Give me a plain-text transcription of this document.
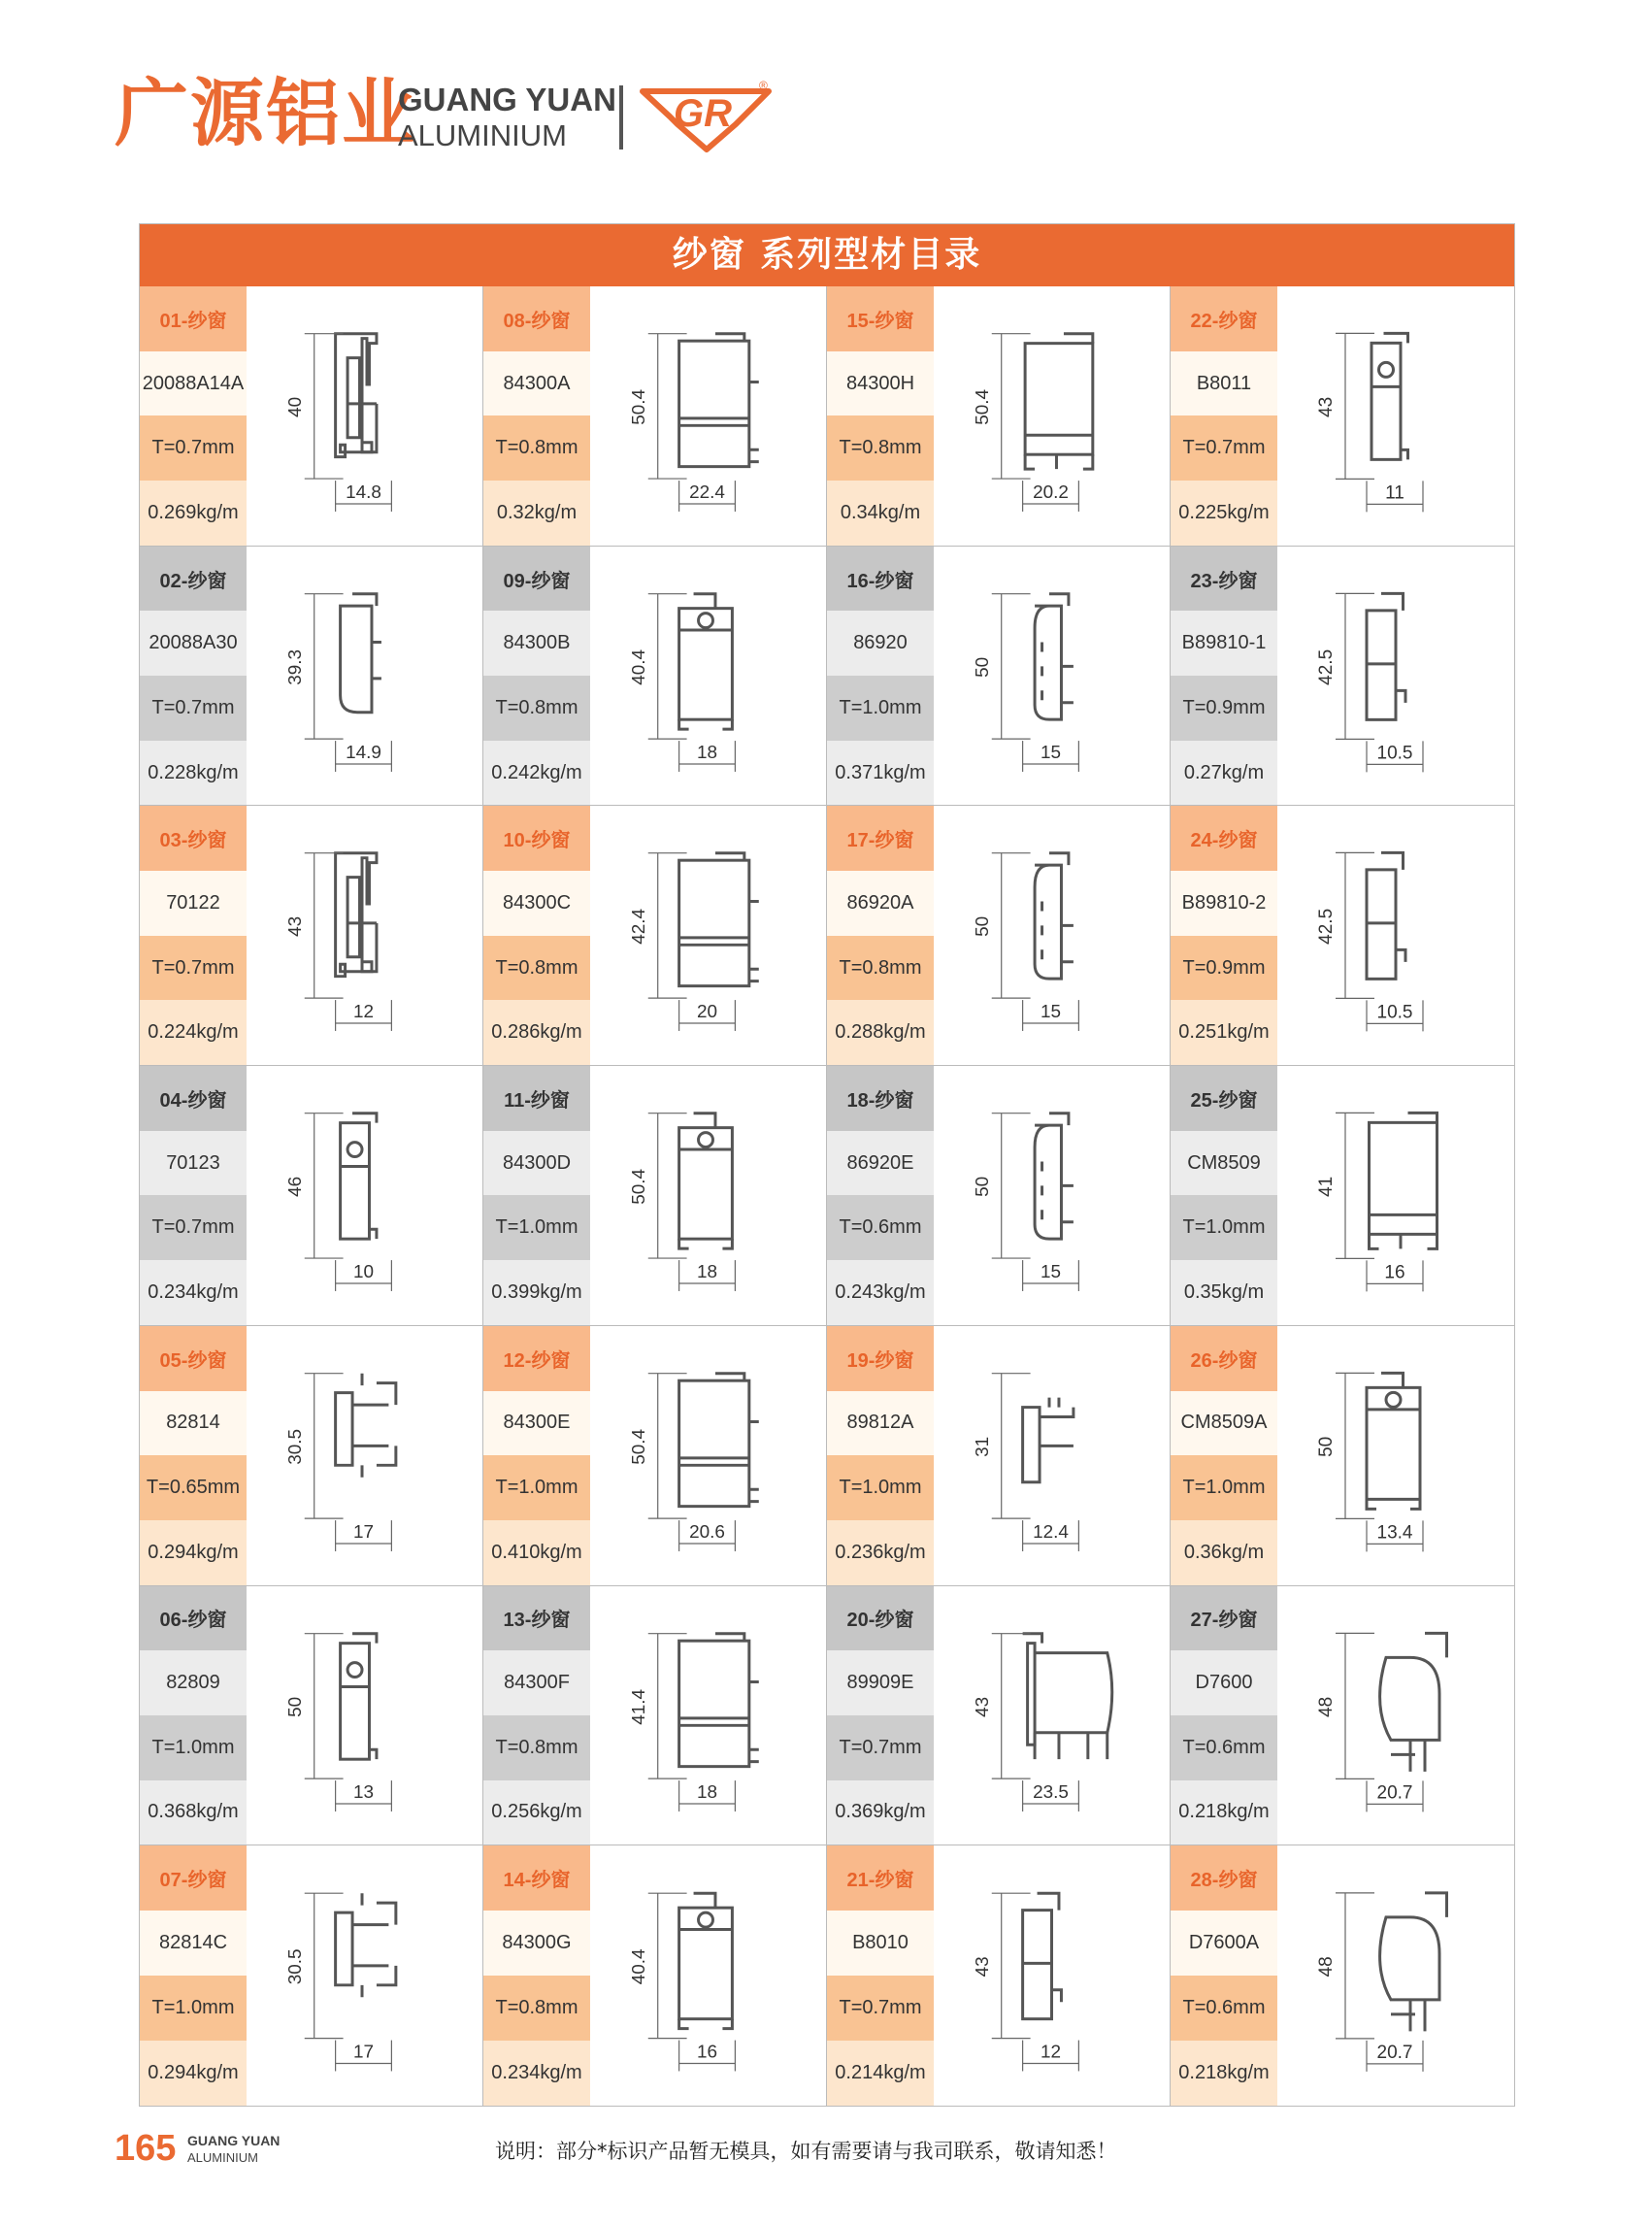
广源铝业
GUANG YUAN
ALUMINIUM
GR
®
纱窗 系列型材目录
01-纱窗
20088A14A
T=0.7mm
0.269kg/m
40
14.8
08-纱窗
84300A
T=0.8mm
0.32kg/m
50.4
22.4
15-纱窗
84300H
T=0.8mm
0.34kg/m
50.4
20.2
22-纱窗
B8011
T=0.7mm
0.225kg/m
43
11
02-纱窗
20088A30
T=0.7mm
0.228kg/m
39.3
14.9
09-纱窗
84300B
T=0.8mm
0.242kg/m
40.4
18
16-纱窗
86920
T=1.0mm
0.371kg/m
50
15
23-纱窗
B89810-1
T=0.9mm
0.27kg/m
42.5
10.5
03-纱窗
70122
T=0.7mm
0.224kg/m
43
12
10-纱窗
84300C
T=0.8mm
0.286kg/m
42.4
20
17-纱窗
86920A
T=0.8mm
0.288kg/m
50
15
24-纱窗
B89810-2
T=0.9mm
0.251kg/m
42.5
10.5
04-纱窗
70123
T=0.7mm
0.234kg/m
46
10
11-纱窗
84300D
T=1.0mm
0.399kg/m
50.4
18
18-纱窗
86920E
T=0.6mm
0.243kg/m
50
15
25-纱窗
CM8509
T=1.0mm
0.35kg/m
41
16
05-纱窗
82814
T=0.65mm
0.294kg/m
30.5
17
12-纱窗
84300E
T=1.0mm
0.410kg/m
50.4
20.6
19-纱窗
89812A
T=1.0mm
0.236kg/m
31
12.4
26-纱窗
CM8509A
T=1.0mm
0.36kg/m
50
13.4
06-纱窗
82809
T=1.0mm
0.368kg/m
50
13
13-纱窗
84300F
T=0.8mm
0.256kg/m
41.4
18
20-纱窗
89909E
T=0.7mm
0.369kg/m
43
23.5
27-纱窗
D7600
T=0.6mm
0.218kg/m
48
20.7
07-纱窗
82814C
T=1.0mm
0.294kg/m
30.5
17
14-纱窗
84300G
T=0.8mm
0.234kg/m
40.4
16
21-纱窗
B8010
T=0.7mm
0.214kg/m
43
12
28-纱窗
D7600A
T=0.6mm
0.218kg/m
48
20.7
165 GUANG YUAN
ALUMINIUM	说明：部分*标识产品暂无模具，如有需要请与我司联系，敬请知悉！
